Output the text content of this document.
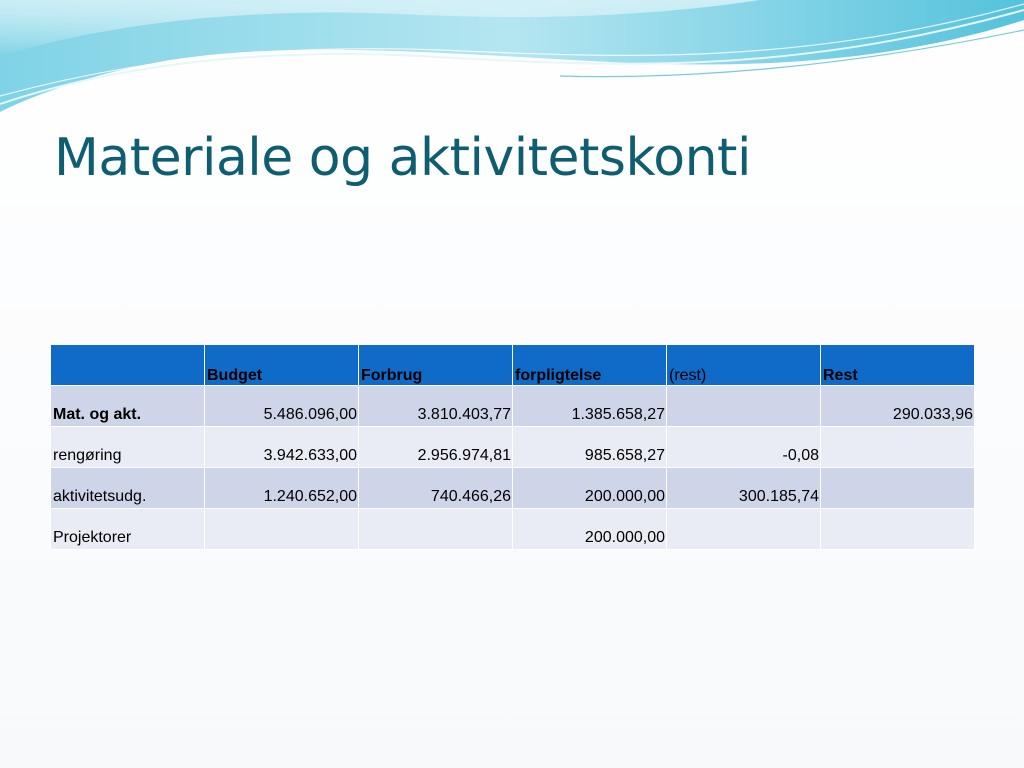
Materiale og aktivitetskonti
	Budget	Forbrug	forpligtelse	(rest)	Rest
Mat. og akt.	5.486.096,00	3.810.403,77	1.385.658,27		290.033,96
rengøring	3.942.633,00	2.956.974,81	985.658,27	-0,08	
aktivitetsudg.	1.240.652,00	740.466,26	200.000,00	300.185,74	
Projektorer			200.000,00		
